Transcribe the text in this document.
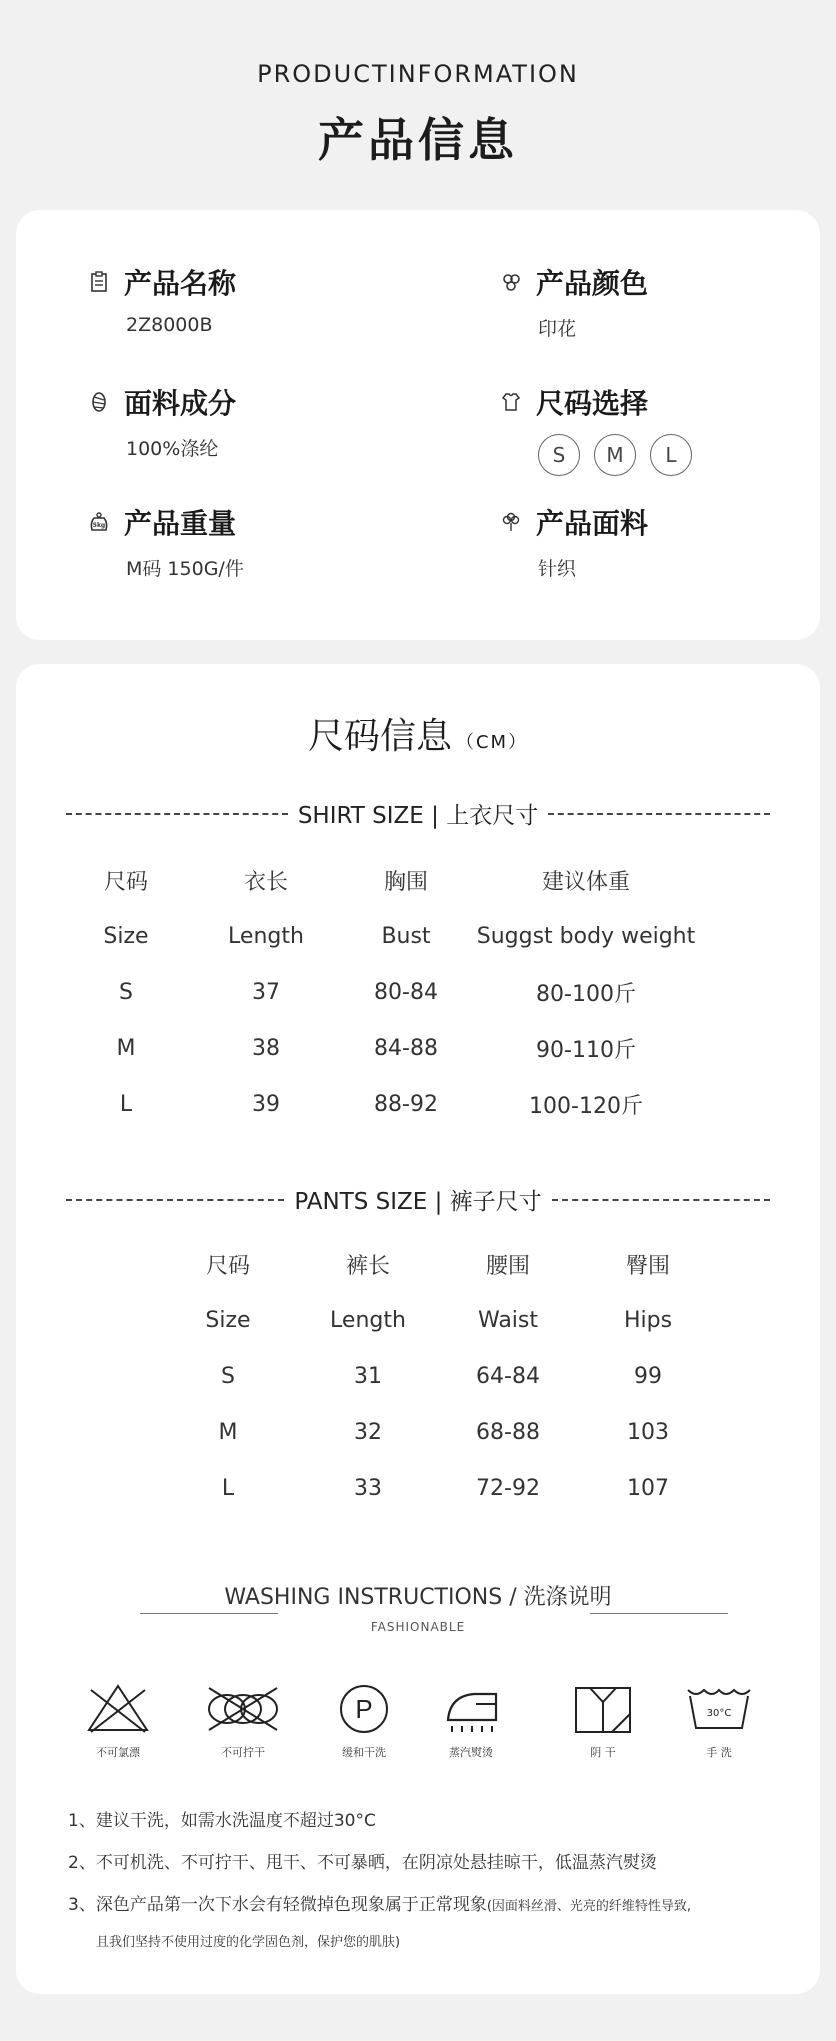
PRODUCTINFORMATION
产品信息
产品名称
2Z8000B
产品颜色
印花
面料成分
100%涤纶
尺码选择
S	M	L
5kg 产品重量
M码 150G/件
产品面料
针织
尺码信息 （CM）
SHIRT SIZE | 上衣尺寸
尺码	衣长	胸围	建议体重
Size	Length	Bust	Suggst body weight
S	37	80-84	80-100斤
M	38	84-88	90-110斤
L	39	88-92	100-120斤
PANTS SIZE | 裤子尺寸
尺码	裤长	腰围	臀围
Size	Length	Waist	Hips
S	31	64-84	99
M	32	68-88	103
L	33	72-92	107
WASHING INSTRUCTIONS / 洗涤说明
FASHIONABLE
不可氯漂	不可拧干
P
缓和干洗	蒸汽熨烫	阴 干
30°C
手 洗

1、建议干洗，如需水洗温度不超过30°C

2、不可机洗、不可拧干、甩干、不可暴晒，在阴凉处悬挂晾干，低温蒸汽熨烫

3、深色产品第一次下水会有轻微掉色现象属于正常现象(因面料丝滑、光亮的纤维特性导致,

且我们坚持不使用过度的化学固色剂，保护您的肌肤)
